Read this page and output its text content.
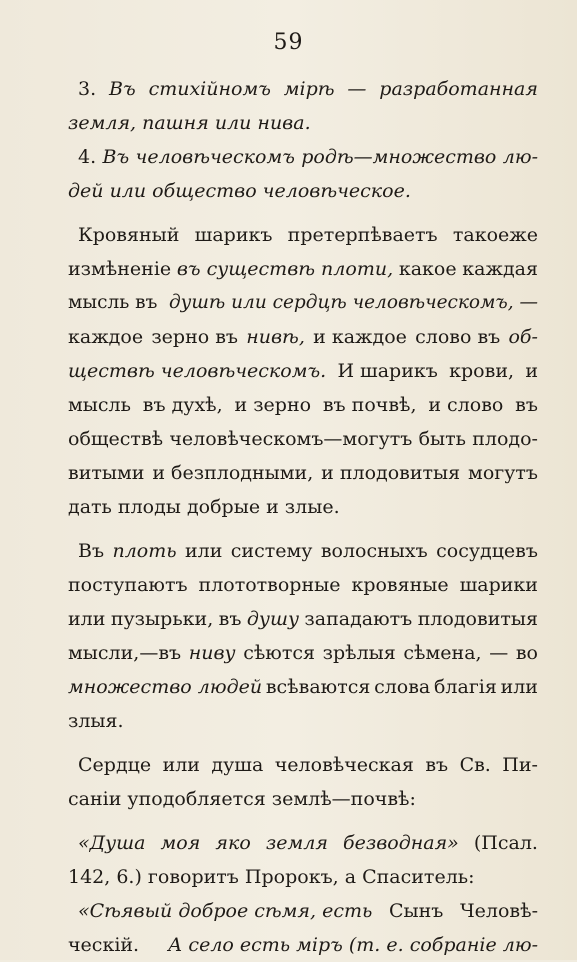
59
3. Въ стихійномъ мірѣ — разработанная
земля, пашня или нива.
4. Въ человѣческомъ родѣ—множество лю-
дей или общество человѣческое.
Кровяный шарикъ претерпѣваетъ такоеже
измѣненіе въ существѣ плоти, какое каждая
мысль въ душѣ или сердцѣ человѣческомъ, —
каждое зерно въ нивѣ, и каждое слово въ об-
ществѣ человѣческомъ. И шарикъ крови, и
мысль въ духѣ, и зерно въ почвѣ, и слово въ
обществѣ человѣческомъ—могутъ быть плодо-
витыми и безплодными, и плодовитыя могутъ
дать плоды добрые и злые.
Въ плоть или систему волосныхъ сосудцевъ
поступаютъ плототворные кровяные шарики
или пузырьки, въ душу западаютъ плодовитыя
мысли,—въ ниву сѣются зрѣлыя сѣмена, — во
множество людей всѣваются слова благія или
злыя.
Сердце или душа человѣческая въ Св. Пи-
саніи уподобляется землѣ—почвѣ:
«Душа моя яко земля безводная» (Псал.
142, 6.) говоритъ Пророкъ, а Спаситель:
«Сѣявый доброе сѣмя, есть Сынъ Человѣ-
ческій. А село есть міръ (т. е. собраніе лю-
